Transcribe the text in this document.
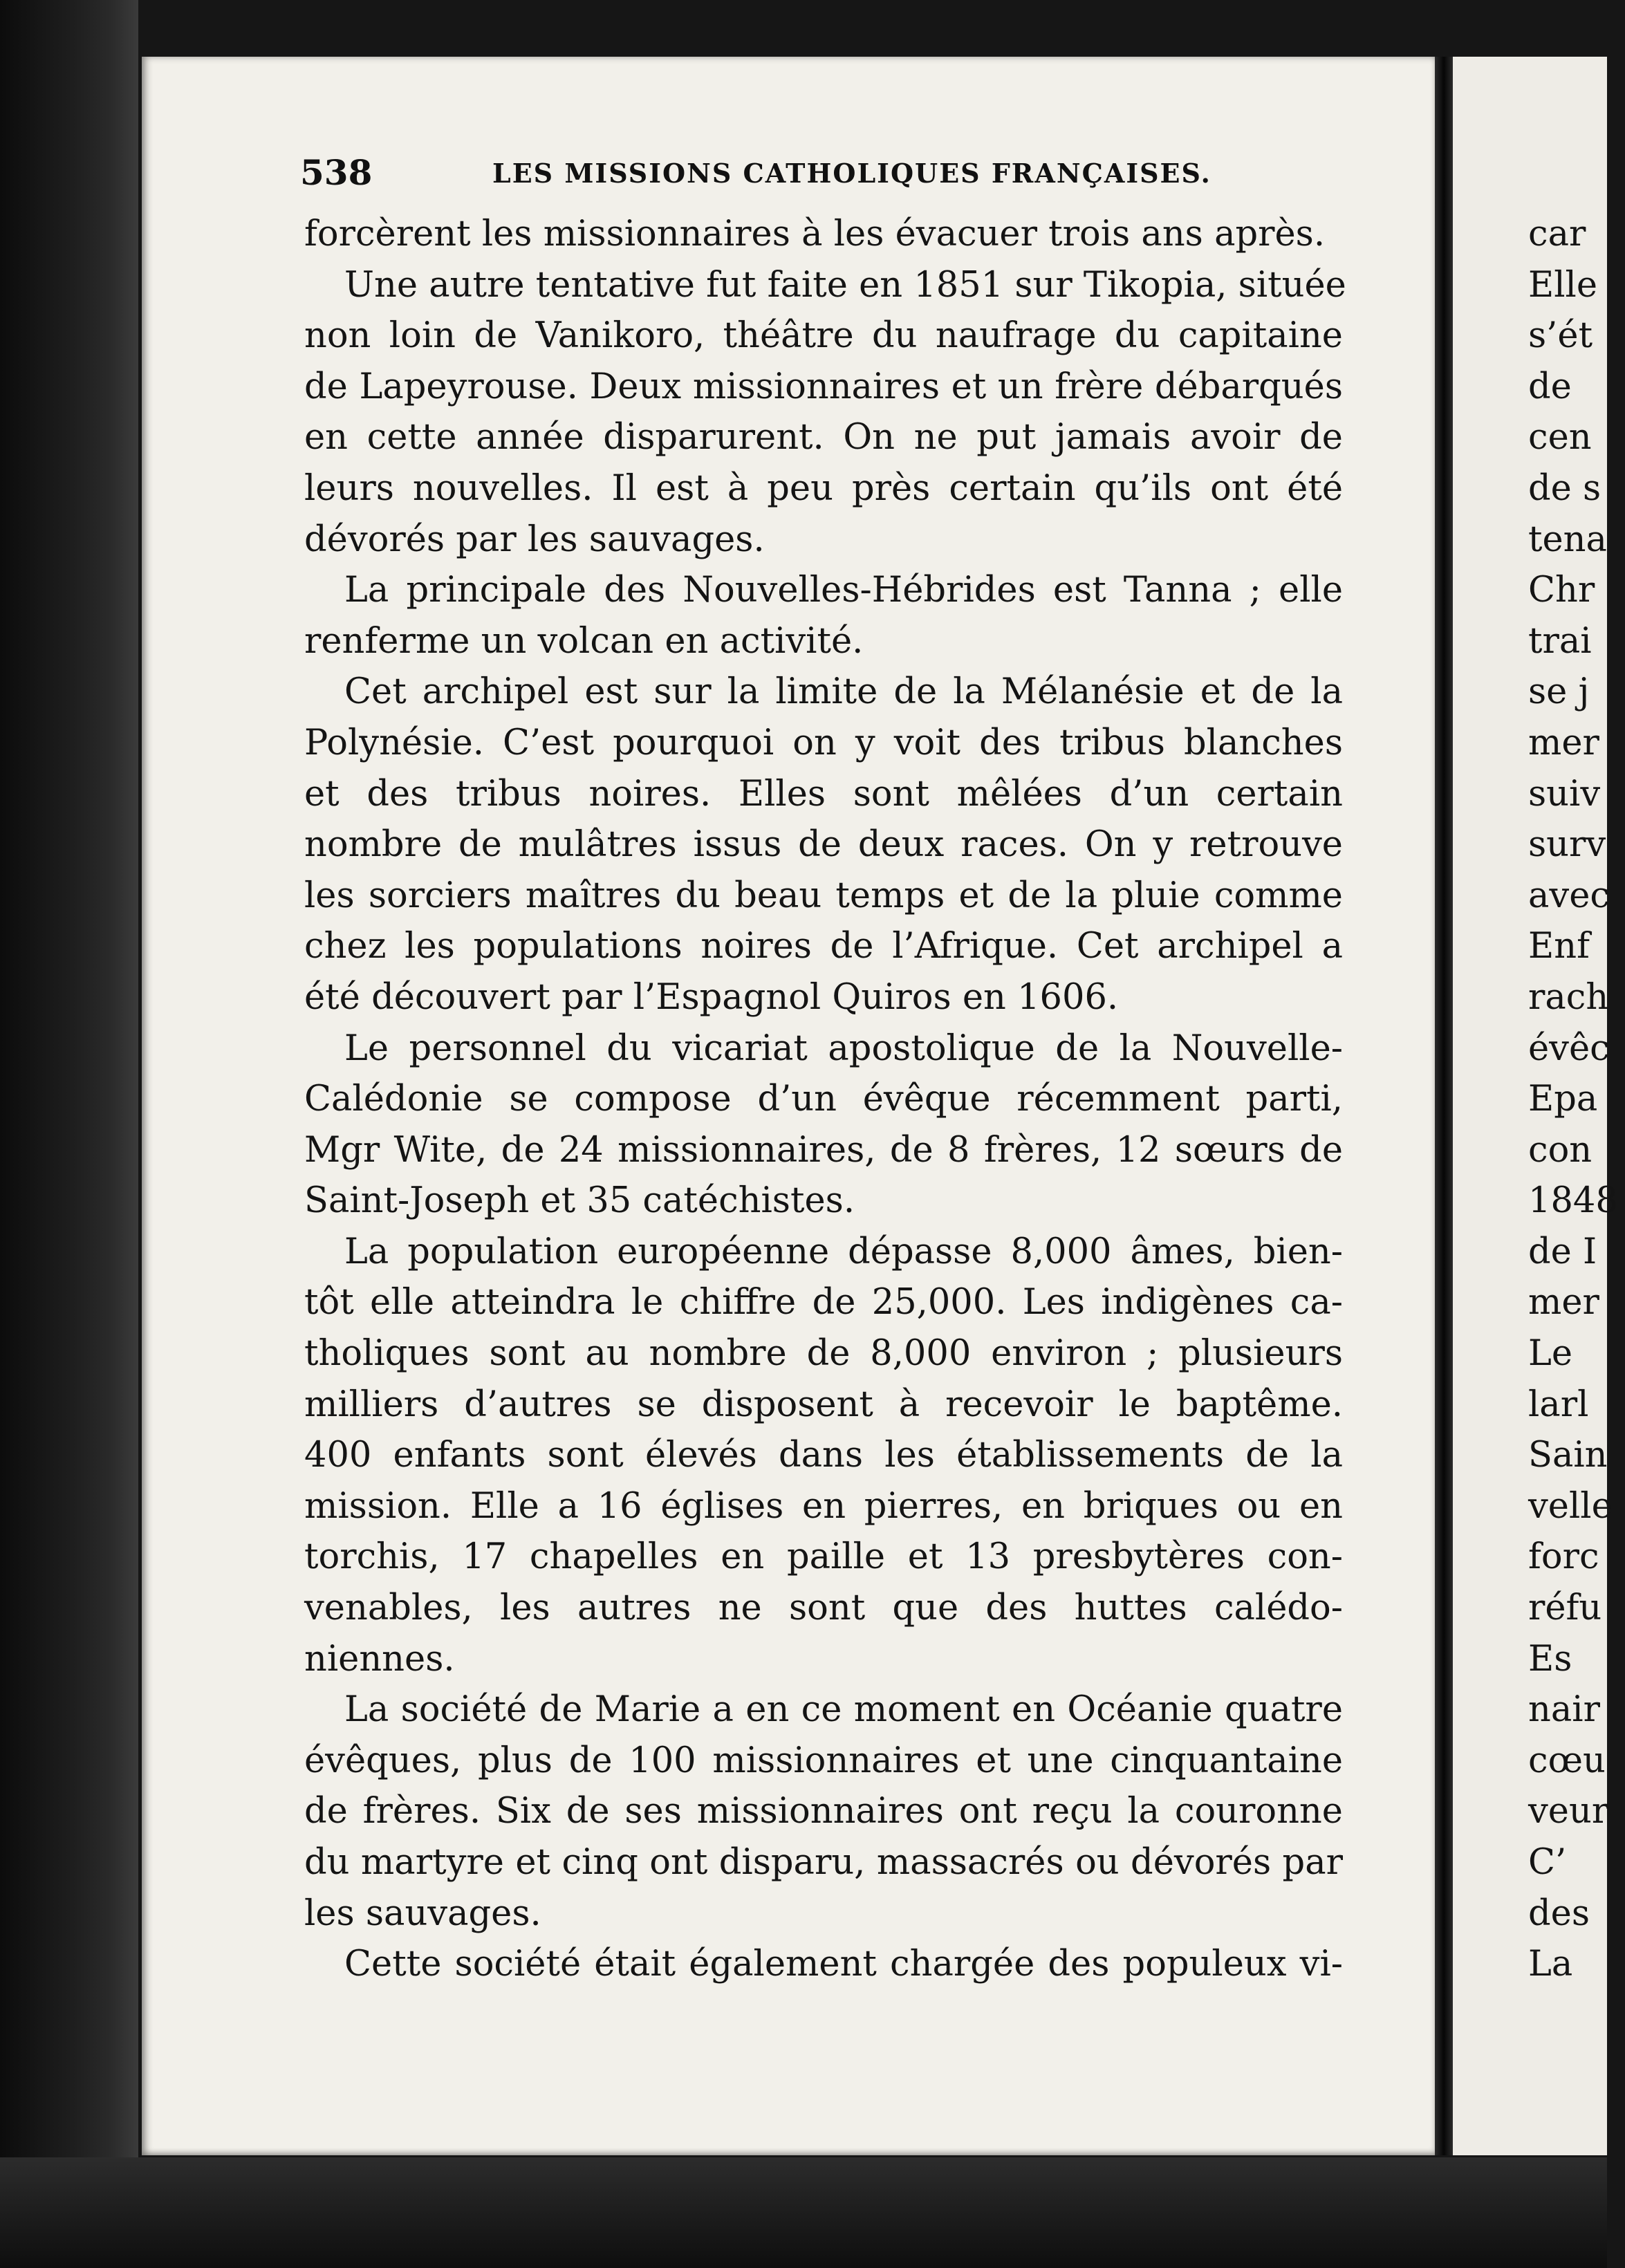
538	LES MISSIONS CATHOLIQUES FRANÇAISES.
forcèrent les missionnaires à les évacuer trois ans après.
Une autre tentative fut faite en 1851 sur Tikopia, située
non loin de Vanikoro, théâtre du naufrage du capitaine
de Lapeyrouse. Deux missionnaires et un frère débarqués
en cette année disparurent. On ne put jamais avoir de
leurs nouvelles. Il est à peu près certain qu’ils ont été
dévorés par les sauvages.
La principale des Nouvelles-Hébrides est Tanna ; elle
renferme un volcan en activité.
Cet archipel est sur la limite de la Mélanésie et de la
Polynésie. C’est pourquoi on y voit des tribus blanches
et des tribus noires. Elles sont mêlées d’un certain
nombre de mulâtres issus de deux races. On y retrouve
les sorciers maîtres du beau temps et de la pluie comme
chez les populations noires de l’Afrique. Cet archipel a
été découvert par l’Espagnol Quiros en 1606.
Le personnel du vicariat apostolique de la Nouvelle-
Calédonie se compose d’un évêque récemment parti,
Mgr Wite, de 24 missionnaires, de 8 frères, 12 sœurs de
Saint-Joseph et 35 catéchistes.
La population européenne dépasse 8,000 âmes, bien-
tôt elle atteindra le chiffre de 25,000. Les indigènes ca-
tholiques sont au nombre de 8,000 environ ; plusieurs
milliers d’autres se disposent à recevoir le baptême.
400 enfants sont élevés dans les établissements de la
mission. Elle a 16 églises en pierres, en briques ou en
torchis, 17 chapelles en paille et 13 presbytères con-
venables, les autres ne sont que des huttes calédo-
niennes.
La société de Marie a en ce moment en Océanie quatre
évêques, plus de 100 missionnaires et une cinquantaine
de frères. Six de ses missionnaires ont reçu la couronne
du martyre et cinq ont disparu, massacrés ou dévorés par
les sauvages.
Cette société était également chargée des populeux vi-
car
Elle
s’ét
de
cen
de s
tena
Chr
trai
se j
mer
suiv
surv
avec
Enf
rach
évêc
Epa
con
1848
de I
mer
Le
larl
Sain
velle
forc
réfu
Es
nair
cœu
veur
C’
des
La
